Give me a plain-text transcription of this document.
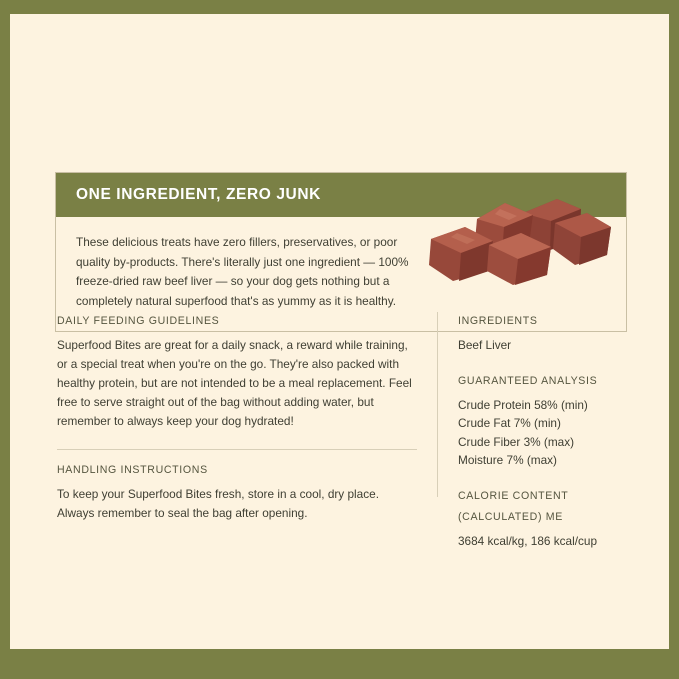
ONE INGREDIENT, ZERO JUNK

These delicious treats have zero fillers, preservatives, or poor quality by-products. There's literally just one ingredient — 100% freeze-dried raw beef liver — so your dog gets nothing but a completely natural superfood that's as yummy as it is healthy.

DAILY FEEDING GUIDELINES

Superfood Bites are great for a daily snack, a reward while training, or a special treat when you're on the go. They're also packed with healthy protein, but are not intended to be a meal replacement. Feel free to serve straight out of the bag without adding water, but remember to always keep your dog hydrated!

HANDLING INSTRUCTIONS

To keep your Superfood Bites fresh, store in a cool, dry place. Always remember to seal the bag after opening.

INGREDIENTS
Beef Liver
GUARANTEED ANALYSIS
Crude Protein 58% (min)
Crude Fat 7% (min)
Crude Fiber 3% (max)
Moisture 7% (max)
CALORIE CONTENT
(CALCULATED) ME
3684 kcal/kg, 186 kcal/cup
